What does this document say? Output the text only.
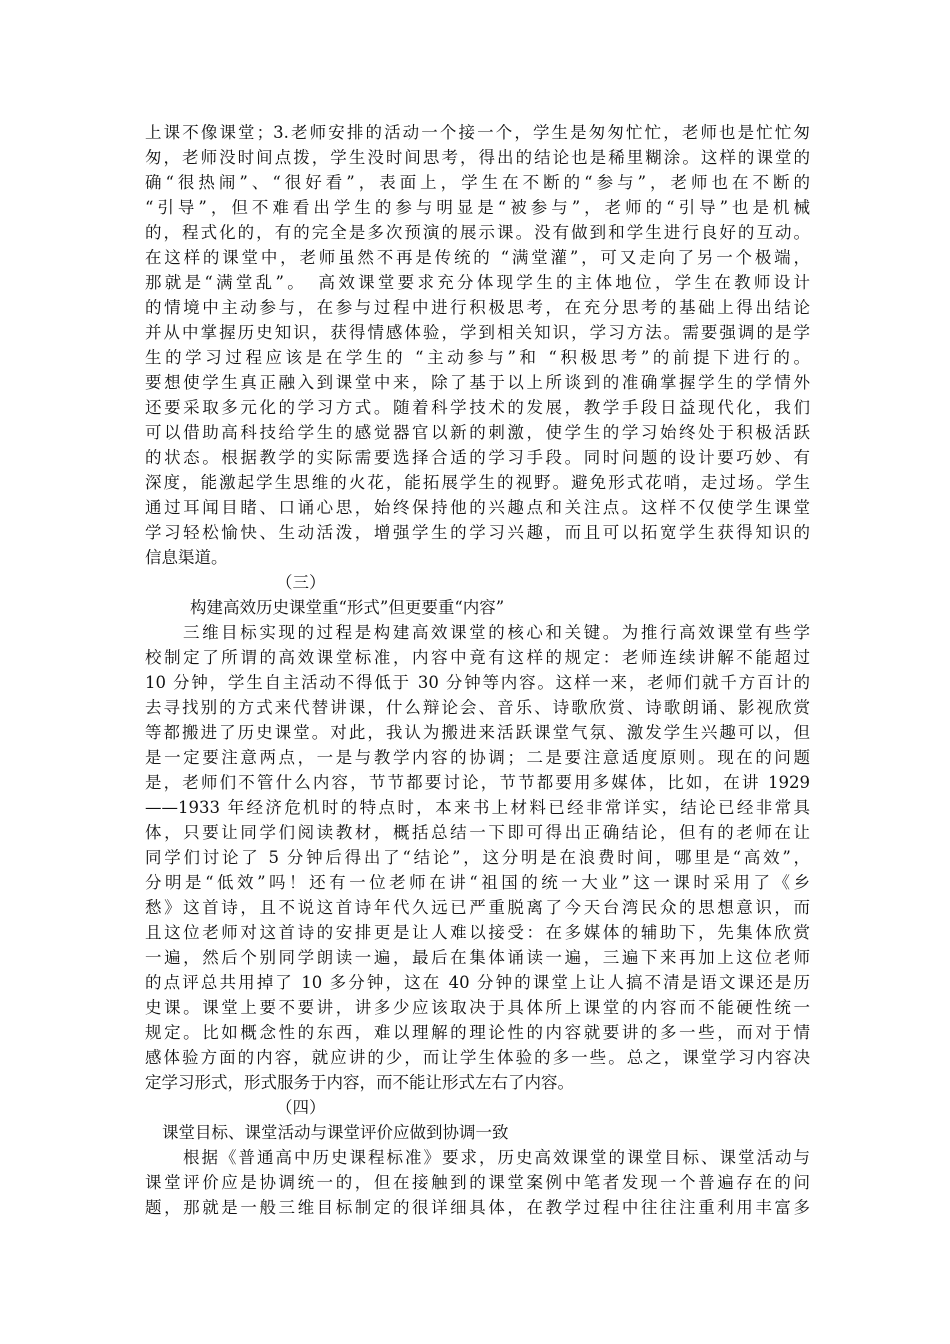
上课不像课堂；3.老师安排的活动一个接一个，学生是匆匆忙忙，老师也是忙忙匆
匆，老师没时间点拨，学生没时间思考，得出的结论也是稀里糊涂。这样的课堂的
确“很热闹”、“很好看”，表面上，学生在不断的“参与”，老师也在不断的
“引导”，但不难看出学生的参与明显是“被参与”，老师的“引导”也是机械
的，程式化的，有的完全是多次预演的展示课。没有做到和学生进行良好的互动。
在这样的课堂中，老师虽然不再是传统的 “满堂灌”，可又走向了另一个极端，
那就是“满堂乱”。　高效课堂要求充分体现学生的主体地位，学生在教师设计
的情境中主动参与，在参与过程中进行积极思考，在充分思考的基础上得出结论
并从中掌握历史知识，获得情感体验，学到相关知识，学习方法。需要强调的是学
生的学习过程应该是在学生的 “主动参与”和 “积极思考”的前提下进行的。
要想使学生真正融入到课堂中来，除了基于以上所谈到的准确掌握学生的学情外
还要采取多元化的学习方式。随着科学技术的发展，教学手段日益现代化，我们
可以借助高科技给学生的感觉器官以新的刺激，使学生的学习始终处于积极活跃
的状态。根据教学的实际需要选择合适的学习手段。同时问题的设计要巧妙、有
深度，能激起学生思维的火花，能拓展学生的视野。避免形式花哨，走过场。学生
通过耳闻目睹、口诵心思，始终保持他的兴趣点和关注点。这样不仅使学生课堂
学习轻松愉快、生动活泼，增强学生的学习兴趣，而且可以拓宽学生获得知识的
信息渠道。
（三）
构建高效历史课堂重“形式”但更要重“内容”
三维目标实现的过程是构建高效课堂的核心和关键。为推行高效课堂有些学
校制定了所谓的高效课堂标准，内容中竟有这样的规定：老师连续讲解不能超过
10 分钟，学生自主活动不得低于 30 分钟等内容。这样一来，老师们就千方百计的
去寻找别的方式来代替讲课，什么辩论会、音乐、诗歌欣赏、诗歌朗诵、影视欣赏
等都搬进了历史课堂。对此，我认为搬进来活跃课堂气氛、激发学生兴趣可以，但
是一定要注意两点，一是与教学内容的协调；二是要注意适度原则。现在的问题
是，老师们不管什么内容，节节都要讨论，节节都要用多媒体，比如，在讲 1929
——1933 年经济危机时的特点时，本来书上材料已经非常详实，结论已经非常具
体，只要让同学们阅读教材，概括总结一下即可得出正确结论，但有的老师在让
同学们讨论了 5 分钟后得出了“结论”，这分明是在浪费时间，哪里是“高效”，
分明是“低效”吗！还有一位老师在讲“祖国的统一大业”这一课时采用了《乡
愁》这首诗，且不说这首诗年代久远已严重脱离了今天台湾民众的思想意识，而
且这位老师对这首诗的安排更是让人难以接受：在多媒体的辅助下，先集体欣赏
一遍，然后个别同学朗读一遍，最后在集体诵读一遍，三遍下来再加上这位老师
的点评总共用掉了 10 多分钟，这在 40 分钟的课堂上让人搞不清是语文课还是历
史课。课堂上要不要讲，讲多少应该取决于具体所上课堂的内容而不能硬性统一
规定。比如概念性的东西，难以理解的理论性的内容就要讲的多一些，而对于情
感体验方面的内容，就应讲的少，而让学生体验的多一些。总之，课堂学习内容决
定学习形式，形式服务于内容，而不能让形式左右了内容。
（四）
课堂目标、课堂活动与课堂评价应做到协调一致
根据《普通高中历史课程标准》要求，历史高效课堂的课堂目标、课堂活动与
课堂评价应是协调统一的，但在接触到的课堂案例中笔者发现一个普遍存在的问
题，那就是一般三维目标制定的很详细具体，在教学过程中往往注重利用丰富多
